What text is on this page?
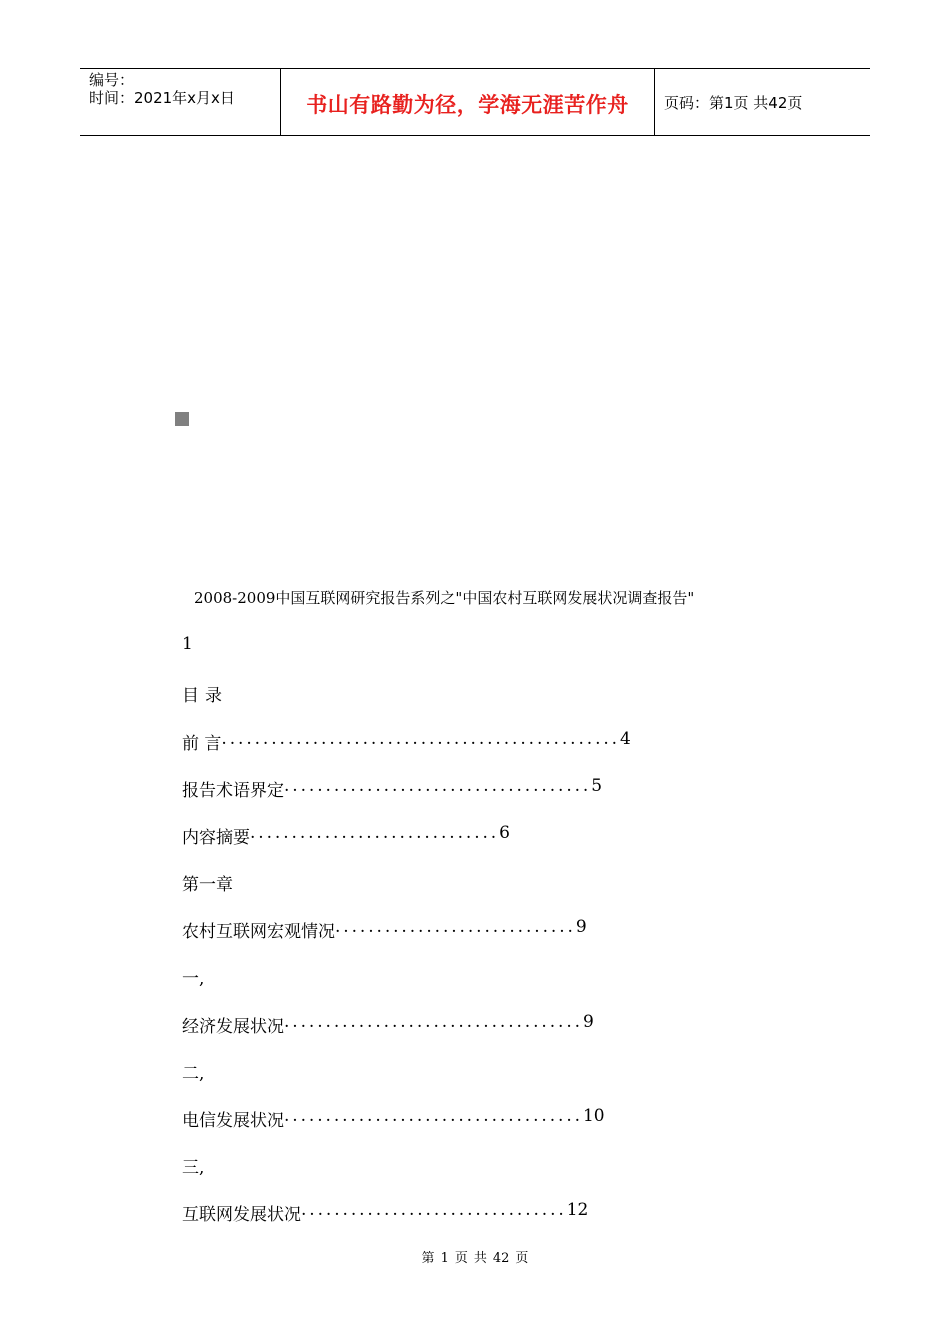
编号：
时间：2021年x月x日	书山有路勤为径，学海无涯苦作舟	页码：第1页 共42页
2008-2009中国互联网研究报告系列之"中国农村互联网发展状况调查报告"
1
目 录
前 言 ................................................ 4
报告术语界定 ..................................... 5
内容摘要 .............................. 6
第一章
农村互联网宏观情况 ............................. 9
一,
经济发展状况 .................................... 9
二,
电信发展状况 .................................... 10
三,
互联网发展状况 ................................ 12
第 1 页 共 42 页
